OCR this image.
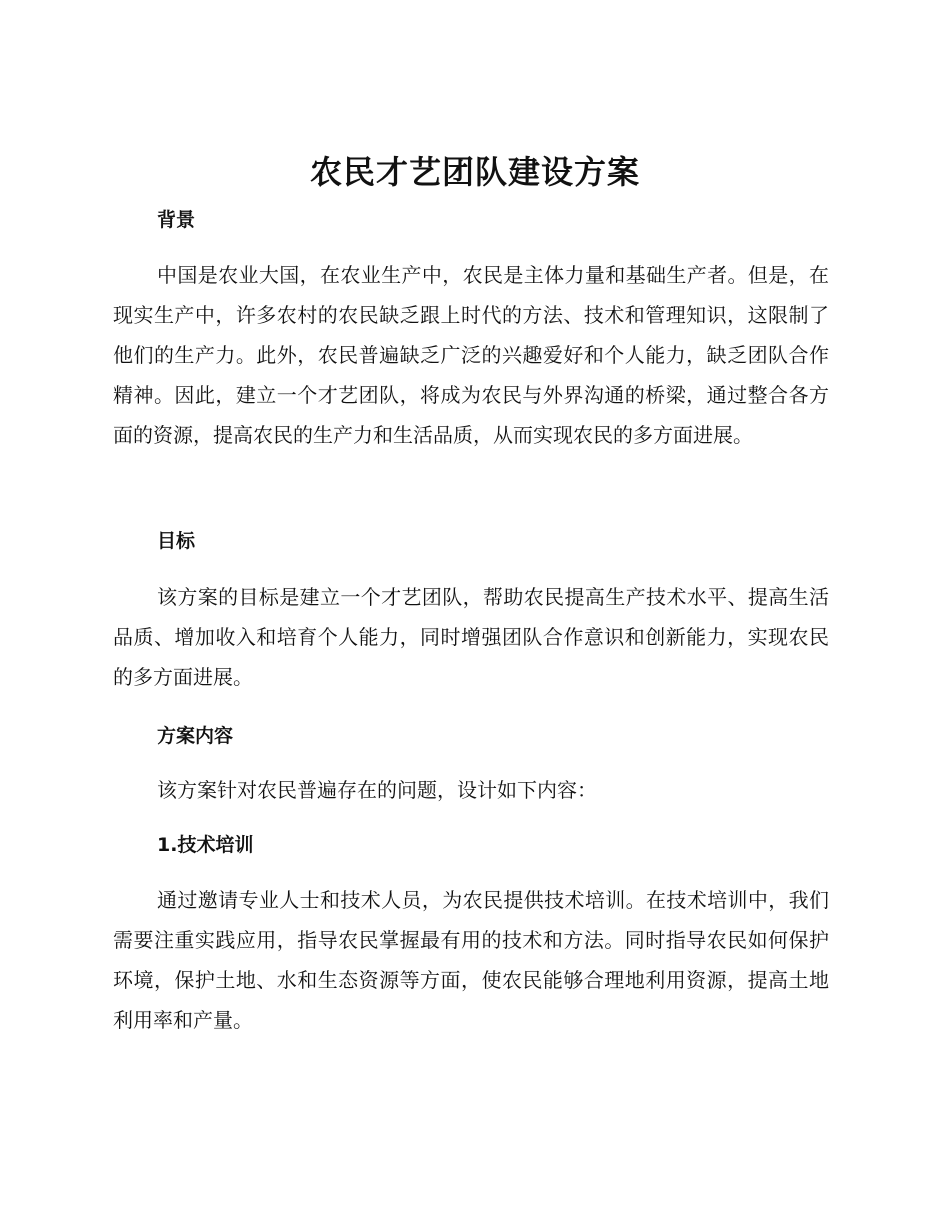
农民才艺团队建设方案
背景

中国是农业大国，在农业生产中，农民是主体力量和基础生产者。但是，在现实生产中，许多农村的农民缺乏跟上时代的方法、技术和管理知识，这限制了他们的生产力。此外，农民普遍缺乏广泛的兴趣爱好和个人能力，缺乏团队合作精神。因此，建立一个才艺团队，将成为农民与外界沟通的桥梁，通过整合各方面的资源，提高农民的生产力和生活品质，从而实现农民的多方面进展。

目标

该方案的目标是建立一个才艺团队，帮助农民提高生产技术水平、提高生活品质、增加收入和培育个人能力，同时增强团队合作意识和创新能力，实现农民的多方面进展。

方案内容

该方案针对农民普遍存在的问题，设计如下内容：

1.技术培训

通过邀请专业人士和技术人员，为农民提供技术培训。在技术培训中，我们需要注重实践应用，指导农民掌握最有用的技术和方法。同时指导农民如何保护环境，保护土地、水和生态资源等方面，使农民能够合理地利用资源，提高土地利用率和产量。
